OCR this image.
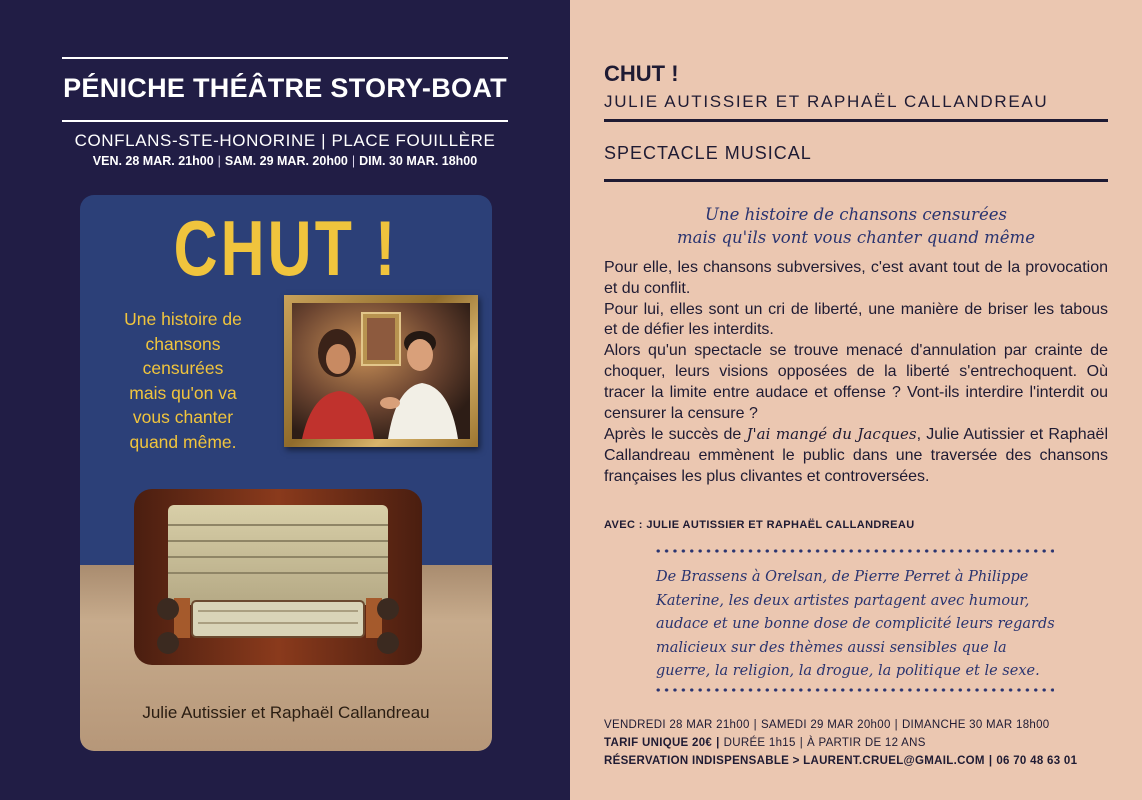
PÉNICHE THÉÂTRE STORY-BOAT
CONFLANS-STE-HONORINE | PLACE FOUILLÈRE
VEN. 28 MAR. 21h00 | SAM. 29 MAR. 20h00 | DIM. 30 MAR. 18h00
CHUT !
Une histoire de
chansons
censurées
mais qu'on va
vous chanter
quand même.
Julie Autissier et Raphaël Callandreau
CHUT !
JULIE AUTISSIER ET RAPHAËL CALLANDREAU
SPECTACLE MUSICAL
Une histoire de chansons censurées
mais qu'ils vont vous chanter quand même

Pour elle, les chansons subversives, c'est avant tout de la provocation et du conflit.

Pour lui, elles sont un cri de liberté, une manière de briser les tabous et de défier les interdits.

Alors qu'un spectacle se trouve menacé d'annulation par crainte de choquer, leurs visions opposées de la liberté s'entrechoquent. Où tracer la limite entre audace et offense ? Vont-ils interdire l'interdit ou censurer la censure ?

Après le succès de J'ai mangé du Jacques, Julie Autissier et Raphaël Callandreau emmènent le public dans une traversée des chansons françaises les plus clivantes et controversées.

AVEC : JULIE AUTISSIER ET RAPHAËL CALLANDREAU
De Brassens à Orelsan, de Pierre Perret à Philippe Katerine, les deux artistes partagent avec humour, audace et une bonne dose de complicité leurs regards malicieux sur des thèmes aussi sensibles que la guerre, la religion, la drogue, la politique et le sexe.
VENDREDI 28 MAR 21h00 | SAMEDI 29 MAR 20h00 | DIMANCHE 30 MAR 18h00
TARIF UNIQUE 20€ | DURÉE 1h15 | À PARTIR DE 12 ANS
RÉSERVATION INDISPENSABLE > LAURENT.CRUEL@GMAIL.COM | 06 70 48 63 01
